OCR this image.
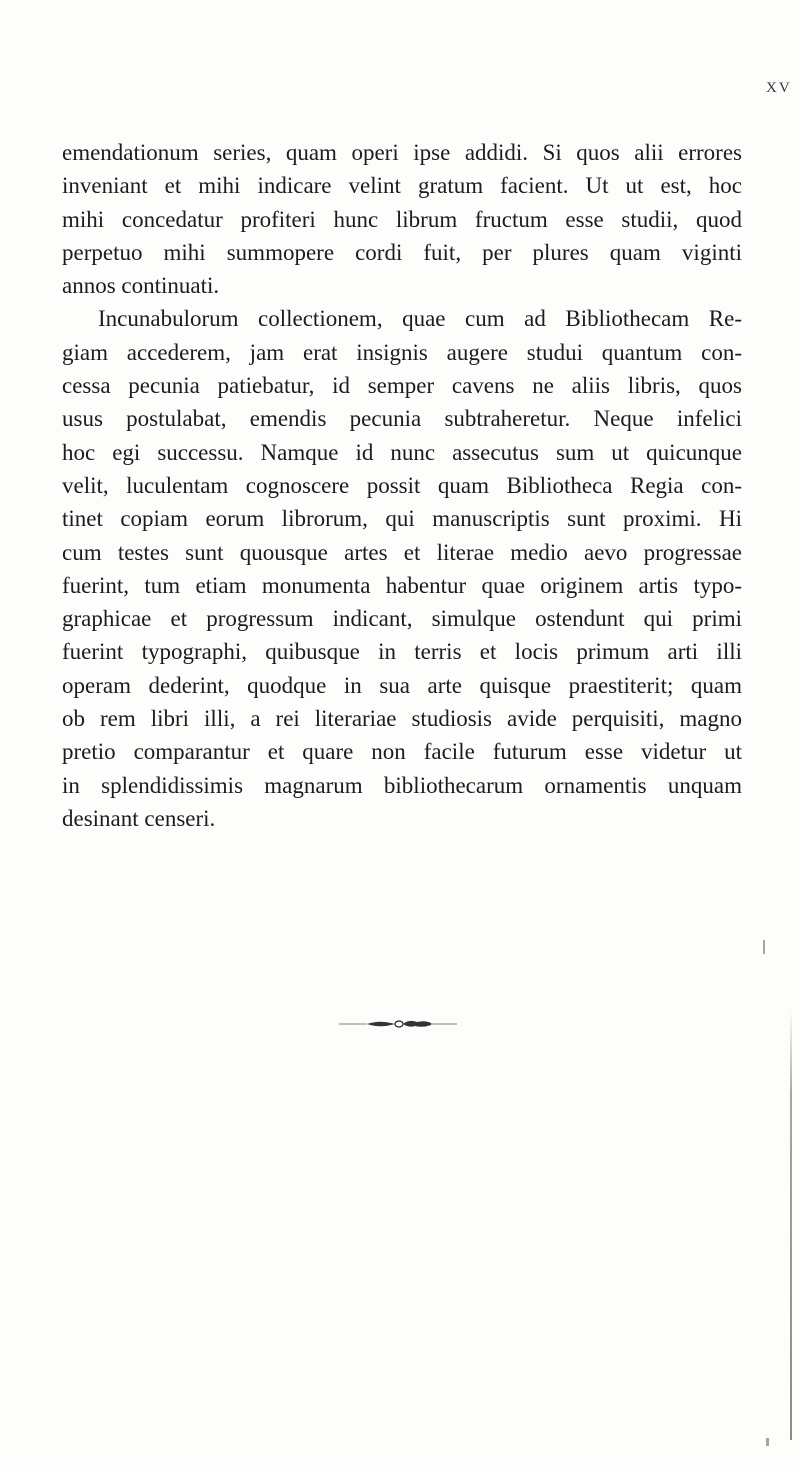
XV
emendationum series, quam operi ipse addidi. Si quos alii errores
inveniant et mihi indicare velint gratum facient. Ut ut est, hoc
mihi concedatur profiteri hunc librum fructum esse studii, quod
perpetuo mihi summopere cordi fuit, per plures quam viginti
annos continuati.
Incunabulorum collectionem, quae cum ad Bibliothecam Re-
giam accederem, jam erat insignis augere studui quantum con-
cessa pecunia patiebatur, id semper cavens ne aliis libris, quos
usus postulabat, emendis pecunia subtraheretur. Neque infelici
hoc egi successu. Namque id nunc assecutus sum ut quicunque
velit, luculentam cognoscere possit quam Bibliotheca Regia con-
tinet copiam eorum librorum, qui manuscriptis sunt proximi. Hi
cum testes sunt quousque artes et literae medio aevo progressae
fuerint, tum etiam monumenta habentur quae originem artis typo-
graphicae et progressum indicant, simulque ostendunt qui primi
fuerint typographi, quibusque in terris et locis primum arti illi
operam dederint, quodque in sua arte quisque praestiterit; quam
ob rem libri illi, a rei literariae studiosis avide perquisiti, magno
pretio comparantur et quare non facile futurum esse videtur ut
in splendidissimis magnarum bibliothecarum ornamentis unquam
desinant censeri.
